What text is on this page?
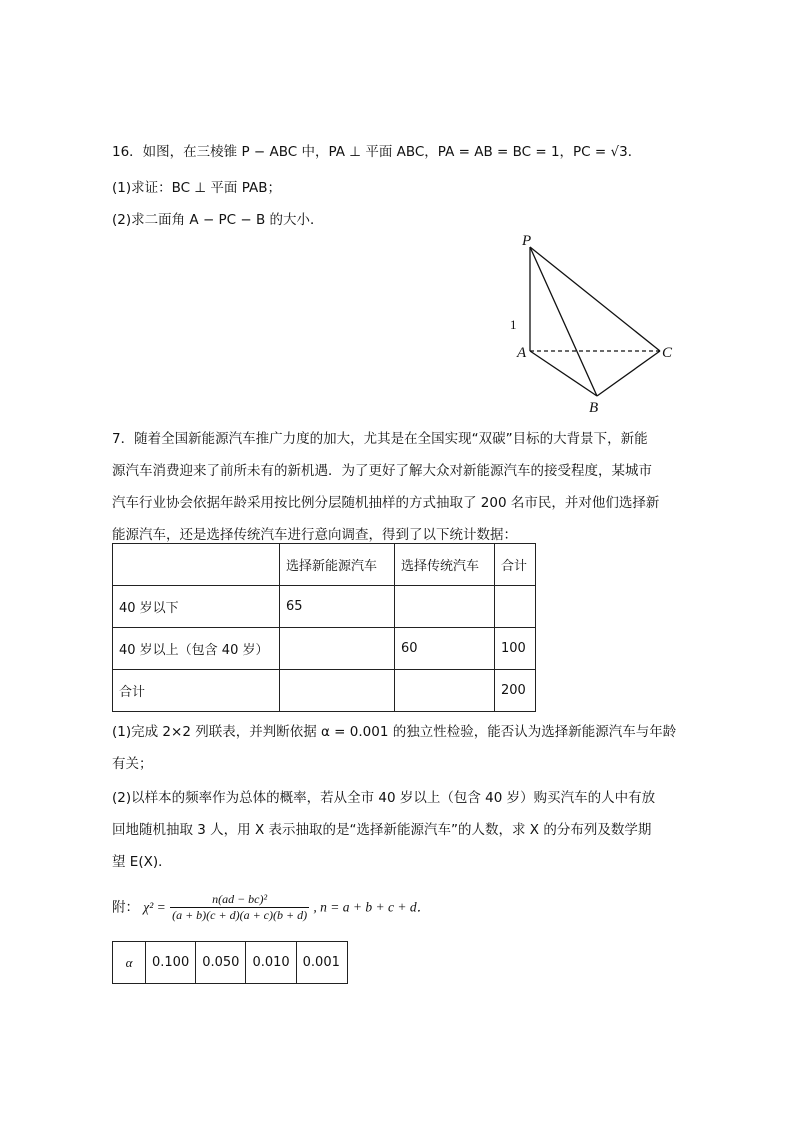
16．如图，在三棱锥 P − ABC 中，PA ⊥ 平面 ABC，PA = AB = BC = 1，PC = √3．
(1)求证：BC ⊥ 平面 PAB；
(2)求二面角 A − PC − B 的大小．
P
A
B
C
1
7．随着全国新能源汽车推广力度的加大，尤其是在全国实现“双碳”目标的大背景下，新能
源汽车消费迎来了前所未有的新机遇．为了更好了解大众对新能源汽车的接受程度，某城市
汽车行业协会依据年龄采用按比例分层随机抽样的方式抽取了 200 名市民，并对他们选择新
能源汽车，还是选择传统汽车进行意向调查，得到了以下统计数据：
	选择新能源汽车	选择传统汽车	合计
40 岁以下	65		
40 岁以上（包含 40 岁）		60	100
合计			200
(1)完成 2×2 列联表，并判断依据 α = 0.001 的独立性检验，能否认为选择新能源汽车与年龄
有关；
(2)以样本的频率作为总体的概率，若从全市 40 岁以上（包含 40 岁）购买汽车的人中有放
回地随机抽取 3 人，用 X 表示抽取的是“选择新能源汽车”的人数，求 X 的分布列及数学期
望 E(X)．
附： $\chi^2 = \frac{\text{n(ad − bc)²}}{(a + b)(c + d)(a + c)(b + d)}$ , n = a + b + c + d．
α	0.100	0.050	0.010	0.001
